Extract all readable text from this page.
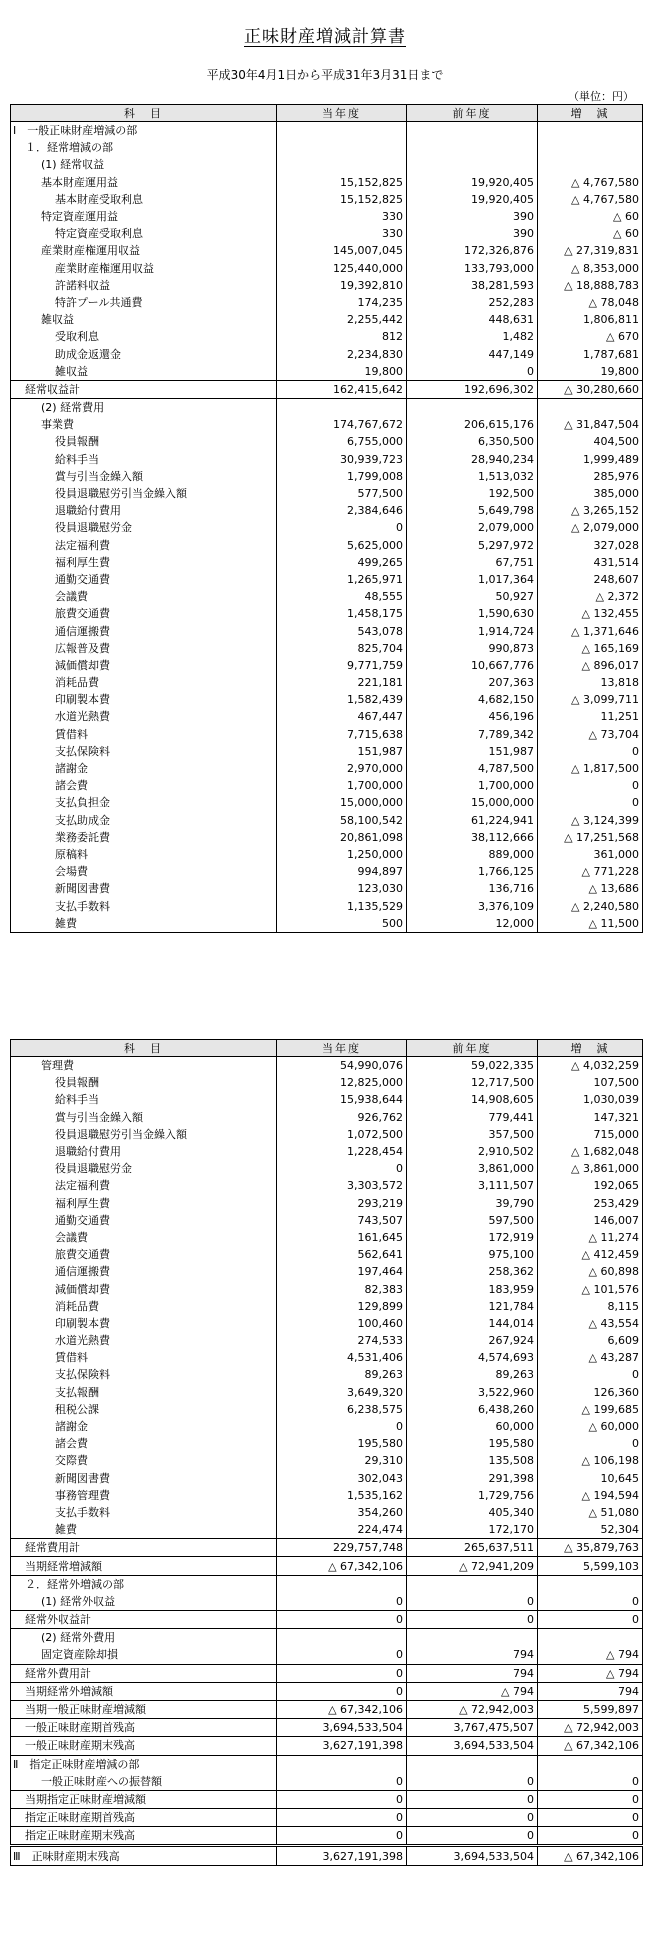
正味財産増減計算書
平成30年4月1日から平成31年3月31日まで
（単位：円）
科　目	当年度	前年度	増　減
Ⅰ　一般正味財産増減の部			
１．経常増減の部			
(1) 経常収益			
基本財産運用益	15,152,825	19,920,405	△ 4,767,580
基本財産受取利息	15,152,825	19,920,405	△ 4,767,580
特定資産運用益	330	390	△ 60
特定資産受取利息	330	390	△ 60
産業財産権運用収益	145,007,045	172,326,876	△ 27,319,831
産業財産権運用収益	125,440,000	133,793,000	△ 8,353,000
許諾料収益	19,392,810	38,281,593	△ 18,888,783
特許プール共通費	174,235	252,283	△ 78,048
雑収益	2,255,442	448,631	1,806,811
受取利息	812	1,482	△ 670
助成金返還金	2,234,830	447,149	1,787,681
雑収益	19,800	0	19,800
経常収益計	162,415,642	192,696,302	△ 30,280,660
(2) 経常費用			
事業費	174,767,672	206,615,176	△ 31,847,504
役員報酬	6,755,000	6,350,500	404,500
給料手当	30,939,723	28,940,234	1,999,489
賞与引当金繰入額	1,799,008	1,513,032	285,976
役員退職慰労引当金繰入額	577,500	192,500	385,000
退職給付費用	2,384,646	5,649,798	△ 3,265,152
役員退職慰労金	0	2,079,000	△ 2,079,000
法定福利費	5,625,000	5,297,972	327,028
福利厚生費	499,265	67,751	431,514
通勤交通費	1,265,971	1,017,364	248,607
会議費	48,555	50,927	△ 2,372
旅費交通費	1,458,175	1,590,630	△ 132,455
通信運搬費	543,078	1,914,724	△ 1,371,646
広報普及費	825,704	990,873	△ 165,169
減価償却費	9,771,759	10,667,776	△ 896,017
消耗品費	221,181	207,363	13,818
印刷製本費	1,582,439	4,682,150	△ 3,099,711
水道光熱費	467,447	456,196	11,251
賃借料	7,715,638	7,789,342	△ 73,704
支払保険料	151,987	151,987	0
諸謝金	2,970,000	4,787,500	△ 1,817,500
諸会費	1,700,000	1,700,000	0
支払負担金	15,000,000	15,000,000	0
支払助成金	58,100,542	61,224,941	△ 3,124,399
業務委託費	20,861,098	38,112,666	△ 17,251,568
原稿料	1,250,000	889,000	361,000
会場費	994,897	1,766,125	△ 771,228
新聞図書費	123,030	136,716	△ 13,686
支払手数料	1,135,529	3,376,109	△ 2,240,580
雑費	500	12,000	△ 11,500
科　目	当年度	前年度	増　減
管理費	54,990,076	59,022,335	△ 4,032,259
役員報酬	12,825,000	12,717,500	107,500
給料手当	15,938,644	14,908,605	1,030,039
賞与引当金繰入額	926,762	779,441	147,321
役員退職慰労引当金繰入額	1,072,500	357,500	715,000
退職給付費用	1,228,454	2,910,502	△ 1,682,048
役員退職慰労金	0	3,861,000	△ 3,861,000
法定福利費	3,303,572	3,111,507	192,065
福利厚生費	293,219	39,790	253,429
通勤交通費	743,507	597,500	146,007
会議費	161,645	172,919	△ 11,274
旅費交通費	562,641	975,100	△ 412,459
通信運搬費	197,464	258,362	△ 60,898
減価償却費	82,383	183,959	△ 101,576
消耗品費	129,899	121,784	8,115
印刷製本費	100,460	144,014	△ 43,554
水道光熱費	274,533	267,924	6,609
賃借料	4,531,406	4,574,693	△ 43,287
支払保険料	89,263	89,263	0
支払報酬	3,649,320	3,522,960	126,360
租税公課	6,238,575	6,438,260	△ 199,685
諸謝金	0	60,000	△ 60,000
諸会費	195,580	195,580	0
交際費	29,310	135,508	△ 106,198
新聞図書費	302,043	291,398	10,645
事務管理費	1,535,162	1,729,756	△ 194,594
支払手数料	354,260	405,340	△ 51,080
雑費	224,474	172,170	52,304
経常費用計	229,757,748	265,637,511	△ 35,879,763
当期経常増減額	△ 67,342,106	△ 72,941,209	5,599,103
２．経常外増減の部			
(1) 経常外収益	0	0	0
経常外収益計	0	0	0
(2) 経常外費用			
固定資産除却損	0	794	△ 794
経常外費用計	0	794	△ 794
当期経常外増減額	0	△ 794	794
当期一般正味財産増減額	△ 67,342,106	△ 72,942,003	5,599,897
一般正味財産期首残高	3,694,533,504	3,767,475,507	△ 72,942,003
一般正味財産期末残高	3,627,191,398	3,694,533,504	△ 67,342,106
Ⅱ　指定正味財産増減の部			
一般正味財産への振替額	0	0	0
当期指定正味財産増減額	0	0	0
指定正味財産期首残高	0	0	0
指定正味財産期末残高	0	0	0
Ⅲ　正味財産期末残高	3,627,191,398	3,694,533,504	△ 67,342,106
